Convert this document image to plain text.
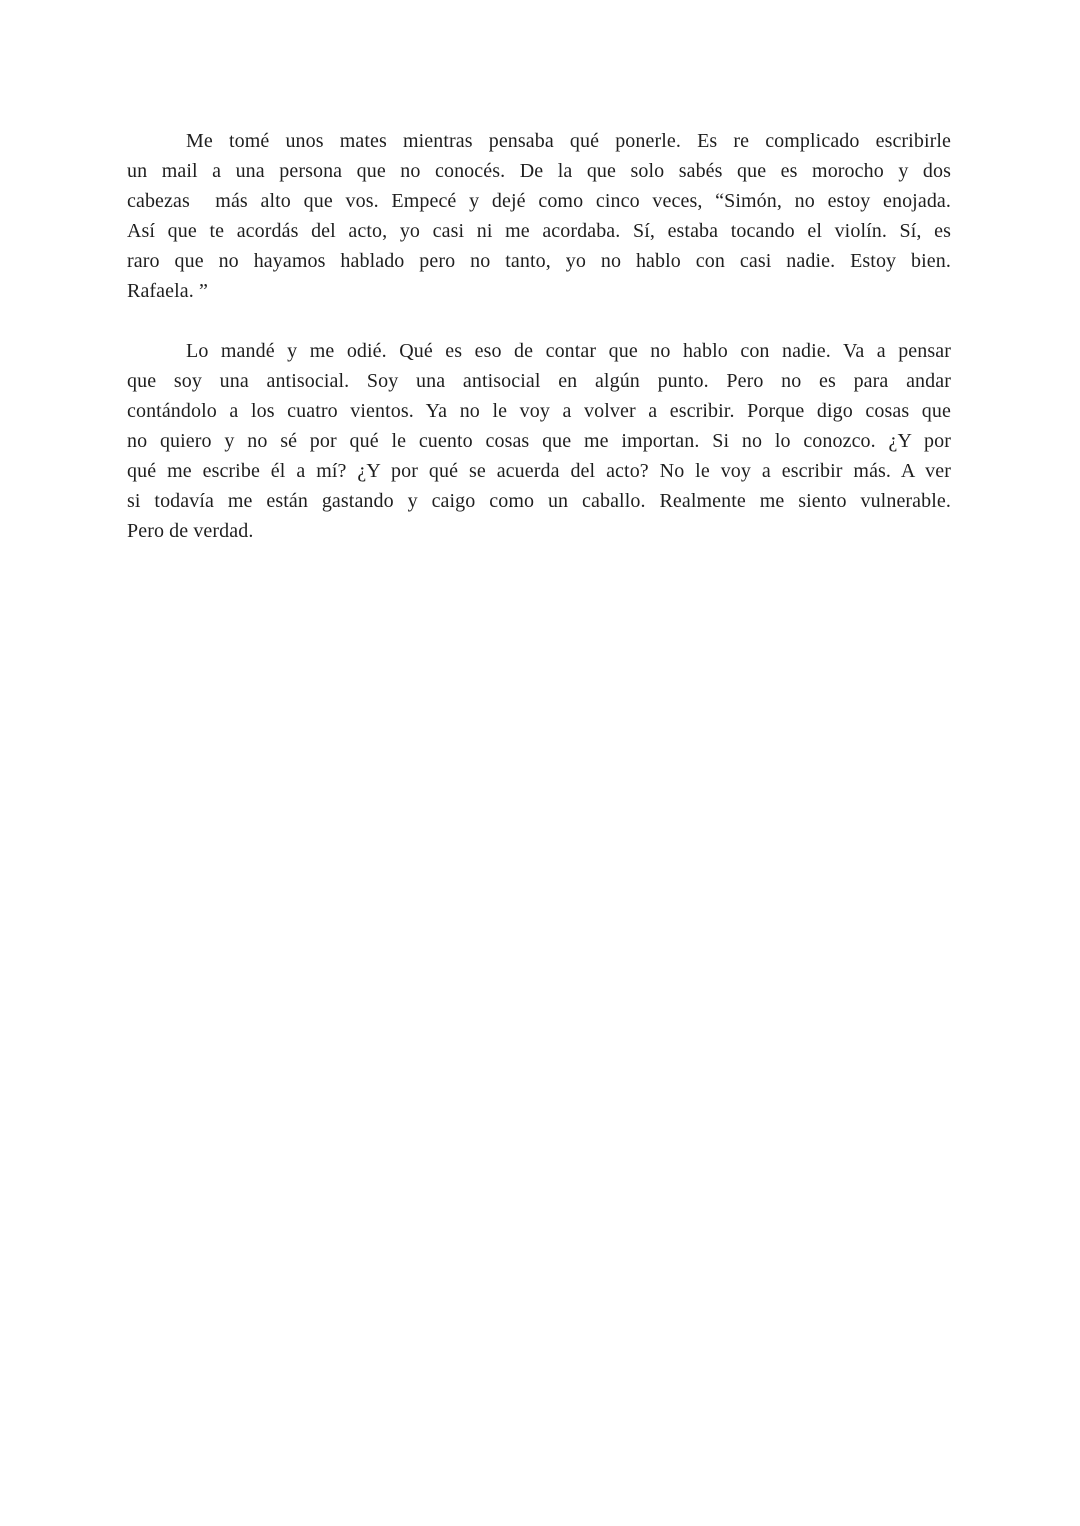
Me tomé unos mates mientras pensaba qué ponerle. Es re complicado escribirle
un mail a una persona que no conocés. De la que solo sabés que es morocho y dos
cabezas  más alto que vos. Empecé y dejé como cinco veces, “Simón, no estoy enojada.
Así que te acordás del acto, yo casi ni me acordaba. Sí, estaba tocando el violín. Sí, es
raro que no hayamos hablado pero no tanto, yo no hablo con casi nadie. Estoy bien.
Rafaela. ”
Lo mandé y me odié. Qué es eso de contar que no hablo con nadie. Va a pensar
que soy una antisocial. Soy una antisocial en algún punto. Pero no es para andar
contándolo a los cuatro vientos. Ya no le voy a volver a escribir. Porque digo cosas que
no quiero y no sé por qué le cuento cosas que me importan. Si no lo conozco. ¿Y por
qué me escribe él a mí? ¿Y por qué se acuerda del acto? No le voy a escribir más. A ver
si todavía me están gastando y caigo como un caballo. Realmente me siento vulnerable.
Pero de verdad.
